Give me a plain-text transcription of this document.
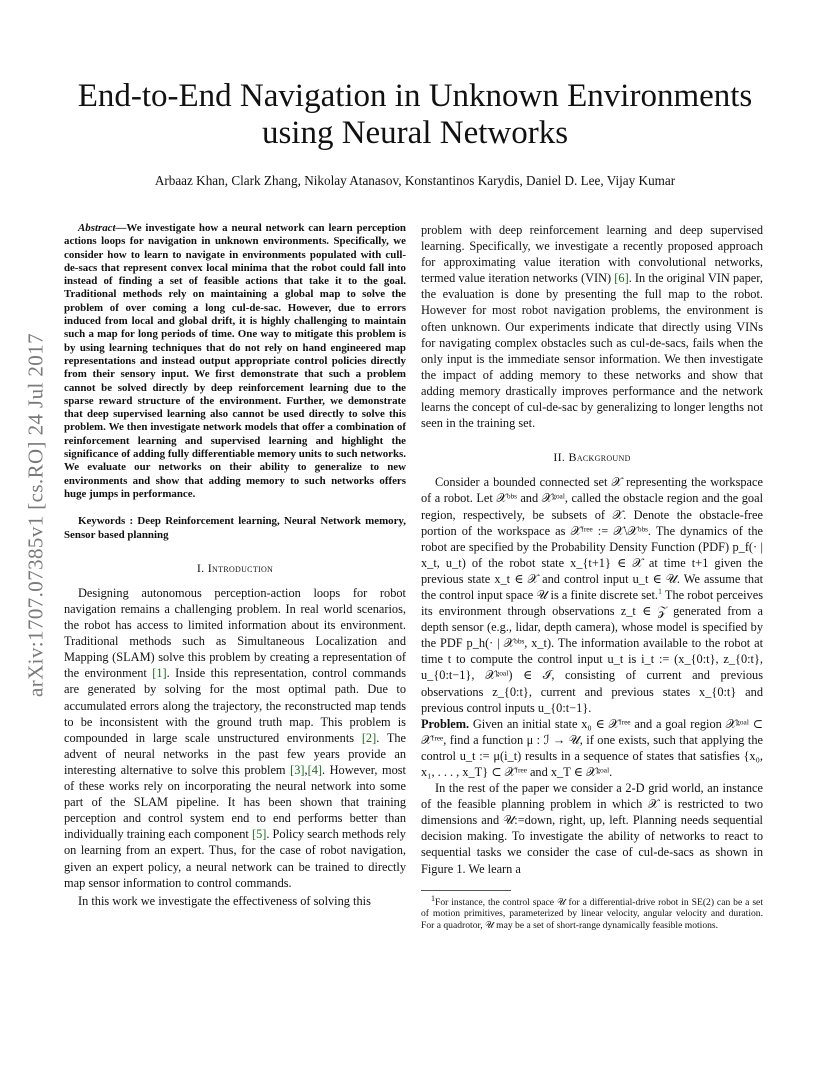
arXiv:1707.07385v1 [cs.RO] 24 Jul 2017
End-to-End Navigation in Unknown Environments
using Neural Networks
Arbaaz Khan, Clark Zhang, Nikolay Atanasov, Konstantinos Karydis, Daniel D. Lee, Vijay Kumar

Abstract—We investigate how a neural network can learn perception actions loops for navigation in unknown environments. Specifically, we consider how to learn to navigate in environments populated with cull-de-sacs that represent convex local minima that the robot could fall into instead of finding a set of feasible actions that take it to the goal. Traditional methods rely on maintaining a global map to solve the problem of over coming a long cul-de-sac. However, due to errors induced from local and global drift, it is highly challenging to maintain such a map for long periods of time. One way to mitigate this problem is by using learning techniques that do not rely on hand engineered map representations and instead output appropriate control policies directly from their sensory input. We first demonstrate that such a problem cannot be solved directly by deep reinforcement learning due to the sparse reward structure of the environment. Further, we demonstrate that deep supervised learning also cannot be used directly to solve this problem. We then investigate network models that offer a combination of reinforcement learning and supervised learning and highlight the significance of adding fully differentiable memory units to such networks. We evaluate our networks on their ability to generalize to new environments and show that adding memory to such networks offers huge jumps in performance.

Keywords : Deep Reinforcement learning, Neural Network memory, Sensor based planning

I. Introduction

Designing autonomous perception-action loops for robot navigation remains a challenging problem. In real world scenarios, the robot has access to limited information about its environment. Traditional methods such as Simultaneous Localization and Mapping (SLAM) solve this problem by creating a representation of the environment [1]. Inside this representation, control commands are generated by solving for the most optimal path. Due to accumulated errors along the trajectory, the reconstructed map tends to be inconsistent with the ground truth map. This problem is compounded in large scale unstructured environments [2]. The advent of neural networks in the past few years provide an interesting alternative to solve this problem [3],[4]. However, most of these works rely on incorporating the neural network into some part of the SLAM pipeline. It has been shown that training perception and control system end to end performs better than individually training each component [5]. Policy search methods rely on learning from an expert. Thus, for the case of robot navigation, given an expert policy, a neural network can be trained to directly map sensor information to control commands.

In this work we investigate the effectiveness of solving this

problem with deep reinforcement learning and deep supervised learning. Specifically, we investigate a recently proposed approach for approximating value iteration with convolutional networks, termed value iteration networks (VIN) [6]. In the original VIN paper, the evaluation is done by presenting the full map to the robot. However for most robot navigation problems, the environment is often unknown. Our experiments indicate that directly using VINs for navigating complex obstacles such as cul-de-sacs, fails when the only input is the immediate sensor information. We then investigate the impact of adding memory to these networks and show that adding memory drastically improves performance and the network learns the concept of cul-de-sac by generalizing to longer lengths not seen in the training set.

II. Background

Consider a bounded connected set 𝒳 representing the workspace of a robot. Let 𝒳ᵒᵇˢ and 𝒳ᵍᵒᵃˡ, called the obstacle region and the goal region, respectively, be subsets of 𝒳. Denote the obstacle-free portion of the workspace as 𝒳ᶠʳᵉᵉ := 𝒳\𝒳ᵒᵇˢ. The dynamics of the robot are specified by the Probability Density Function (PDF) p_f(· | x_t, u_t) of the robot state x_{t+1} ∈ 𝒳 at time t+1 given the previous state x_t ∈ 𝒳 and control input u_t ∈ 𝒰. We assume that the control input space 𝒰 is a finite discrete set.$^1$ The robot perceives its environment through observations z_t ∈ 𝒵 generated from a depth sensor (e.g., lidar, depth camera), whose model is specified by the PDF p_h(· | 𝒳ᵒᵇˢ, x_t). The information available to the robot at time t to compute the control input u_t is i_t := (x_{0:t}, z_{0:t}, u_{0:t−1}, 𝒳ᵍᵒᵃˡ) ∈ ℐ, consisting of current and previous observations z_{0:t}, current and previous states x_{0:t} and previous control inputs u_{0:t−1}.

Problem. Given an initial state x₀ ∈ 𝒳ᶠʳᵉᵉ and a goal region 𝒳ᵍᵒᵃˡ ⊂ 𝒳ᶠʳᵉᵉ, find a function μ : ℐ → 𝒰, if one exists, such that applying the control u_t := μ(i_t) results in a sequence of states that satisfies {x₀, x₁, . . . , x_T} ⊂ 𝒳ᶠʳᵉᵉ and x_T ∈ 𝒳ᵍᵒᵃˡ.

In the rest of the paper we consider a 2-D grid world, an instance of the feasible planning problem in which 𝒳 is restricted to two dimensions and 𝒰:=down, right, up, left. Planning needs sequential decision making. To investigate the ability of networks to react to sequential tasks we consider the case of cul-de-sacs as shown in Figure 1. We learn a

$^1$For instance, the control space 𝒰 for a differential-drive robot in SE(2) can be a set of motion primitives, parameterized by linear velocity, angular velocity and duration. For a quadrotor, 𝒰 may be a set of short-range dynamically feasible motions.
